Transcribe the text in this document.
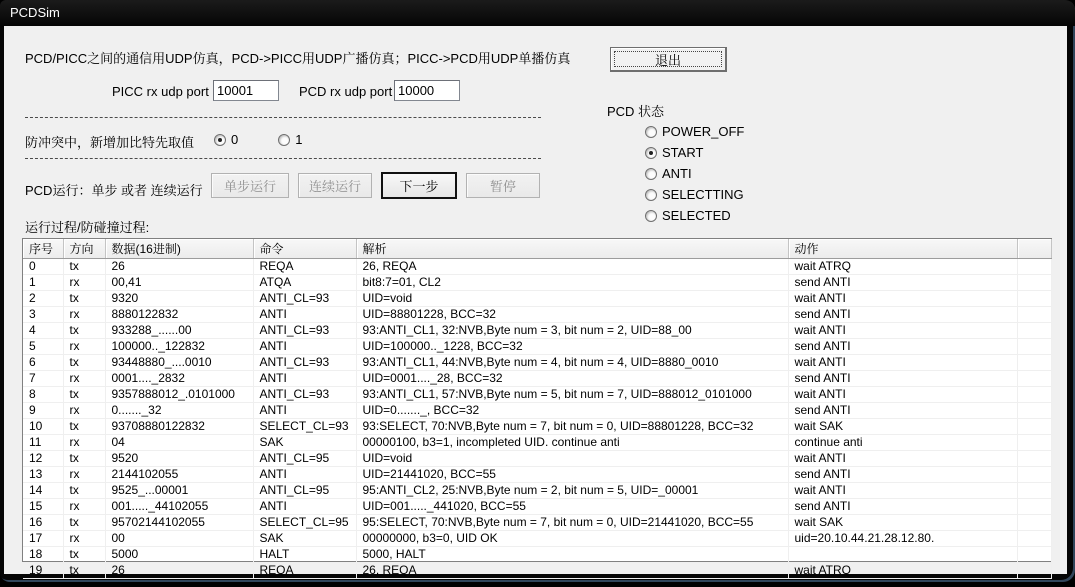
PCDSim
PCD/PICC之间的通信用UDP仿真，PCD->PICC用UDP广播仿真；PICC->PCD用UDP单播仿真	退出
PICC rx udp port
10001	PCD rx udp port
10000
防冲突中，新增加比特先取值	0	1
PCD运行：单步 或者 连续运行	单步运行	连续运行	下一步	暂停
运行过程/防碰撞过程:
序号	方向	数据(16进制)	命令	解析	动作	
0	tx	26	REQA	26, REQA	wait ATRQ	
1	rx	00,41	ATQA	bit8:7=01, CL2	send ANTI	
2	tx	9320	ANTI_CL=93	UID=void	wait ANTI	
3	rx	8880122832	ANTI	UID=88801228, BCC=32	send ANTI	
4	tx	933288_......00	ANTI_CL=93	93:ANTI_CL1, 32:NVB,Byte num = 3, bit num = 2, UID=88_00	wait ANTI	
5	rx	100000.._122832	ANTI	UID=100000.._1228, BCC=32	send ANTI	
6	tx	93448880_....0010	ANTI_CL=93	93:ANTI_CL1, 44:NVB,Byte num = 4, bit num = 4, UID=8880_0010	wait ANTI	
7	rx	0001...._2832	ANTI	UID=0001...._28, BCC=32	send ANTI	
8	tx	9357888012_.0101000	ANTI_CL=93	93:ANTI_CL1, 57:NVB,Byte num = 5, bit num = 7, UID=888012_0101000	wait ANTI	
9	rx	0......._32	ANTI	UID=0......._, BCC=32	send ANTI	
10	tx	93708880122832	SELECT_CL=93	93:SELECT, 70:NVB,Byte num = 7, bit num = 0, UID=88801228, BCC=32	wait SAK	
11	rx	04	SAK	00000100, b3=1, incompleted UID. continue anti	continue anti	
12	tx	9520	ANTI_CL=95	UID=void	wait ANTI	
13	rx	2144102055	ANTI	UID=21441020, BCC=55	send ANTI	
14	tx	9525_...00001	ANTI_CL=95	95:ANTI_CL2, 25:NVB,Byte num = 2, bit num = 5, UID=_00001	wait ANTI	
15	rx	001....._44102055	ANTI	UID=001....._441020, BCC=55	send ANTI	
16	tx	95702144102055	SELECT_CL=95	95:SELECT, 70:NVB,Byte num = 7, bit num = 0, UID=21441020, BCC=55	wait SAK	
17	rx	00	SAK	00000000, b3=0, UID OK	uid=20.10.44.21.28.12.80.	
18	tx	5000	HALT	5000, HALT		
19	tx	26	REQA	26, REQA	wait ATRQ	
PCD 状态
POWER_OFF
START
ANTI
SELECTTING
SELECTED
